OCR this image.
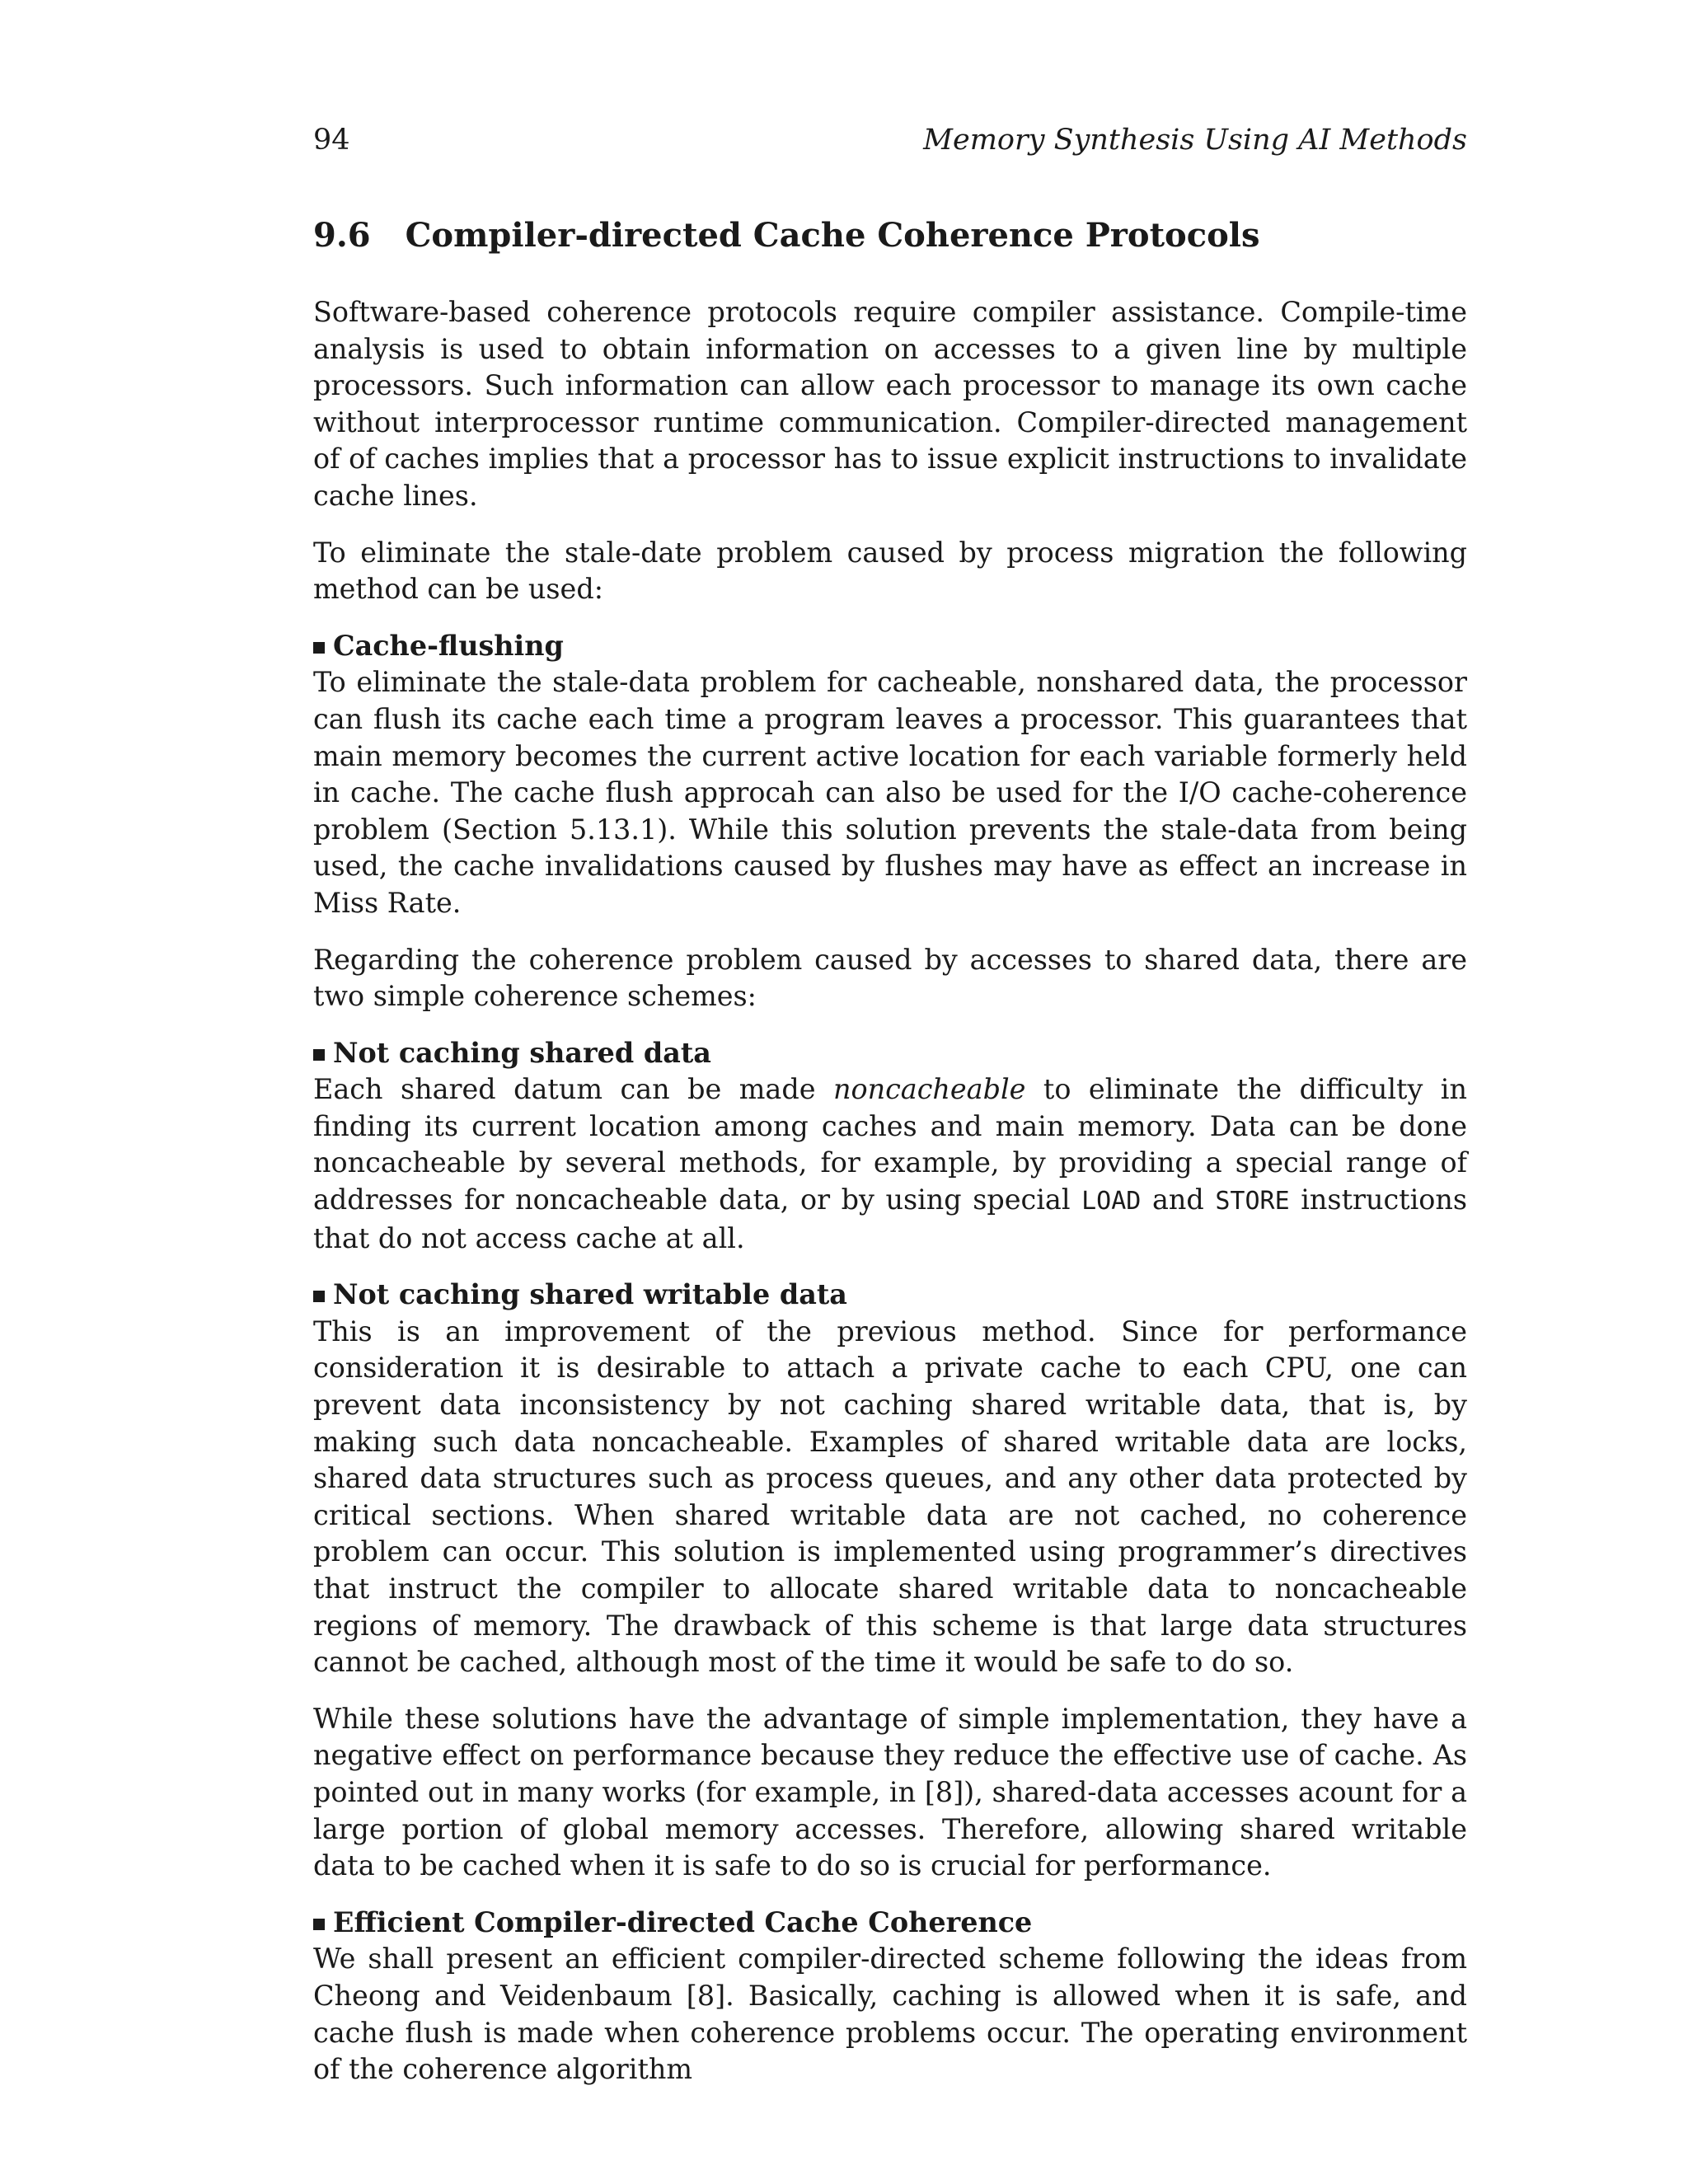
94	Memory Synthesis Using AI Methods
9.6 Compiler-directed Cache Coherence Protocols

Software-based coherence protocols require compiler assistance. Compile-time analysis is used to obtain information on accesses to a given line by multiple processors. Such information can allow each processor to manage its own cache without interprocessor runtime communication. Compiler-directed management of of caches implies that a processor has to issue explicit instructions to invalidate cache lines.

To eliminate the stale-date problem caused by process migration the following method can be used:

Cache-flushing

To eliminate the stale-data problem for cacheable, nonshared data, the processor can flush its cache each time a program leaves a processor. This guarantees that main memory becomes the current active location for each variable formerly held in cache. The cache flush approcah can also be used for the I/O cache-coherence problem (Section 5.13.1). While this solution prevents the stale-data from being used, the cache invalidations caused by flushes may have as effect an increase in Miss Rate.

Regarding the coherence problem caused by accesses to shared data, there are two simple coherence schemes:

Not caching shared data

Each shared datum can be made noncacheable to eliminate the difficulty in finding its current location among caches and main memory. Data can be done noncacheable by several methods, for example, by providing a special range of addresses for noncacheable data, or by using special LOAD and STORE instructions that do not access cache at all.

Not caching shared writable data

This is an improvement of the previous method. Since for performance consideration it is desirable to attach a private cache to each CPU, one can prevent data inconsistency by not caching shared writable data, that is, by making such data noncacheable. Examples of shared writable data are locks, shared data structures such as process queues, and any other data protected by critical sections. When shared writable data are not cached, no coherence problem can occur. This solution is implemented using programmer’s directives that instruct the compiler to allocate shared writable data to noncacheable regions of memory. The drawback of this scheme is that large data structures cannot be cached, although most of the time it would be safe to do so.

While these solutions have the advantage of simple implementation, they have a negative effect on performance because they reduce the effective use of cache. As pointed out in many works (for example, in [8]), shared-data accesses acount for a large portion of global memory accesses. Therefore, allowing shared writable data to be cached when it is safe to do so is crucial for performance.

Efficient Compiler-directed Cache Coherence

We shall present an efficient compiler-directed scheme following the ideas from Cheong and Veidenbaum [8]. Basically, caching is allowed when it is safe, and cache flush is made when coherence problems occur. The operating environment of the coherence algorithm
